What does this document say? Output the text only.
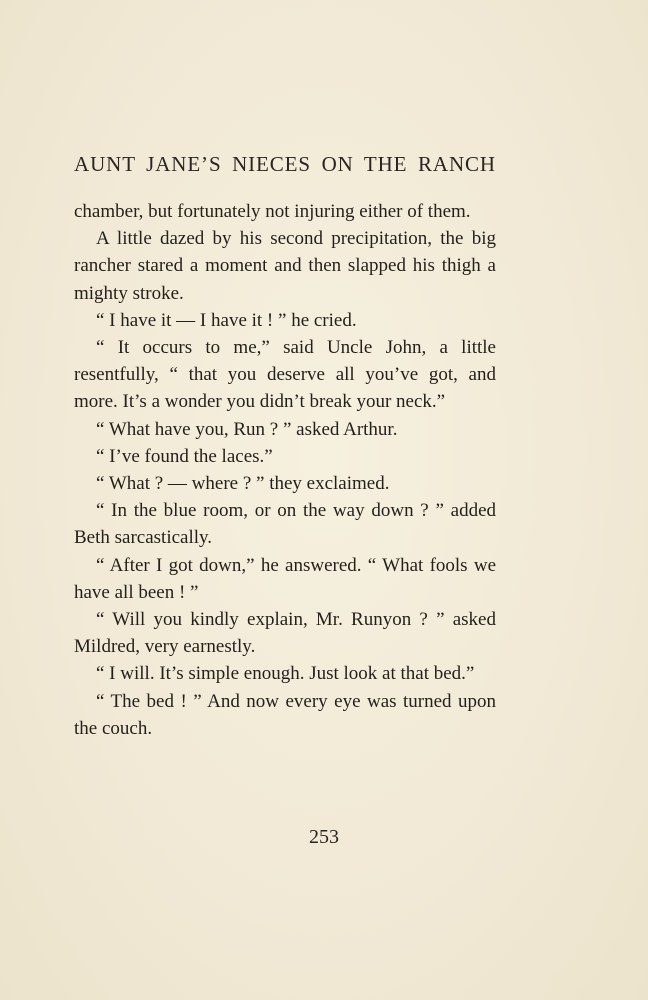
AUNT JANE’S NIECES ON THE RANCH

chamber, but fortunately not injuring either of them.

A little dazed by his second precipitation, the big rancher stared a moment and then slapped his thigh a mighty stroke.

“ I have it — I have it ! ” he cried.

“ It occurs to me,” said Uncle John, a little resentfully, “ that you deserve all you’ve got, and more. It’s a wonder you didn’t break your neck.”

“ What have you, Run ? ” asked Arthur.

“ I’ve found the laces.”

“ What ? — where ? ” they exclaimed.

“ In the blue room, or on the way down ? ” added Beth sarcastically.

“ After I got down,” he answered. “ What fools we have all been ! ”

“ Will you kindly explain, Mr. Runyon ? ” asked Mildred, very earnestly.

“ I will. It’s simple enough. Just look at that bed.”

“ The bed ! ” And now every eye was turned upon the couch.

253
